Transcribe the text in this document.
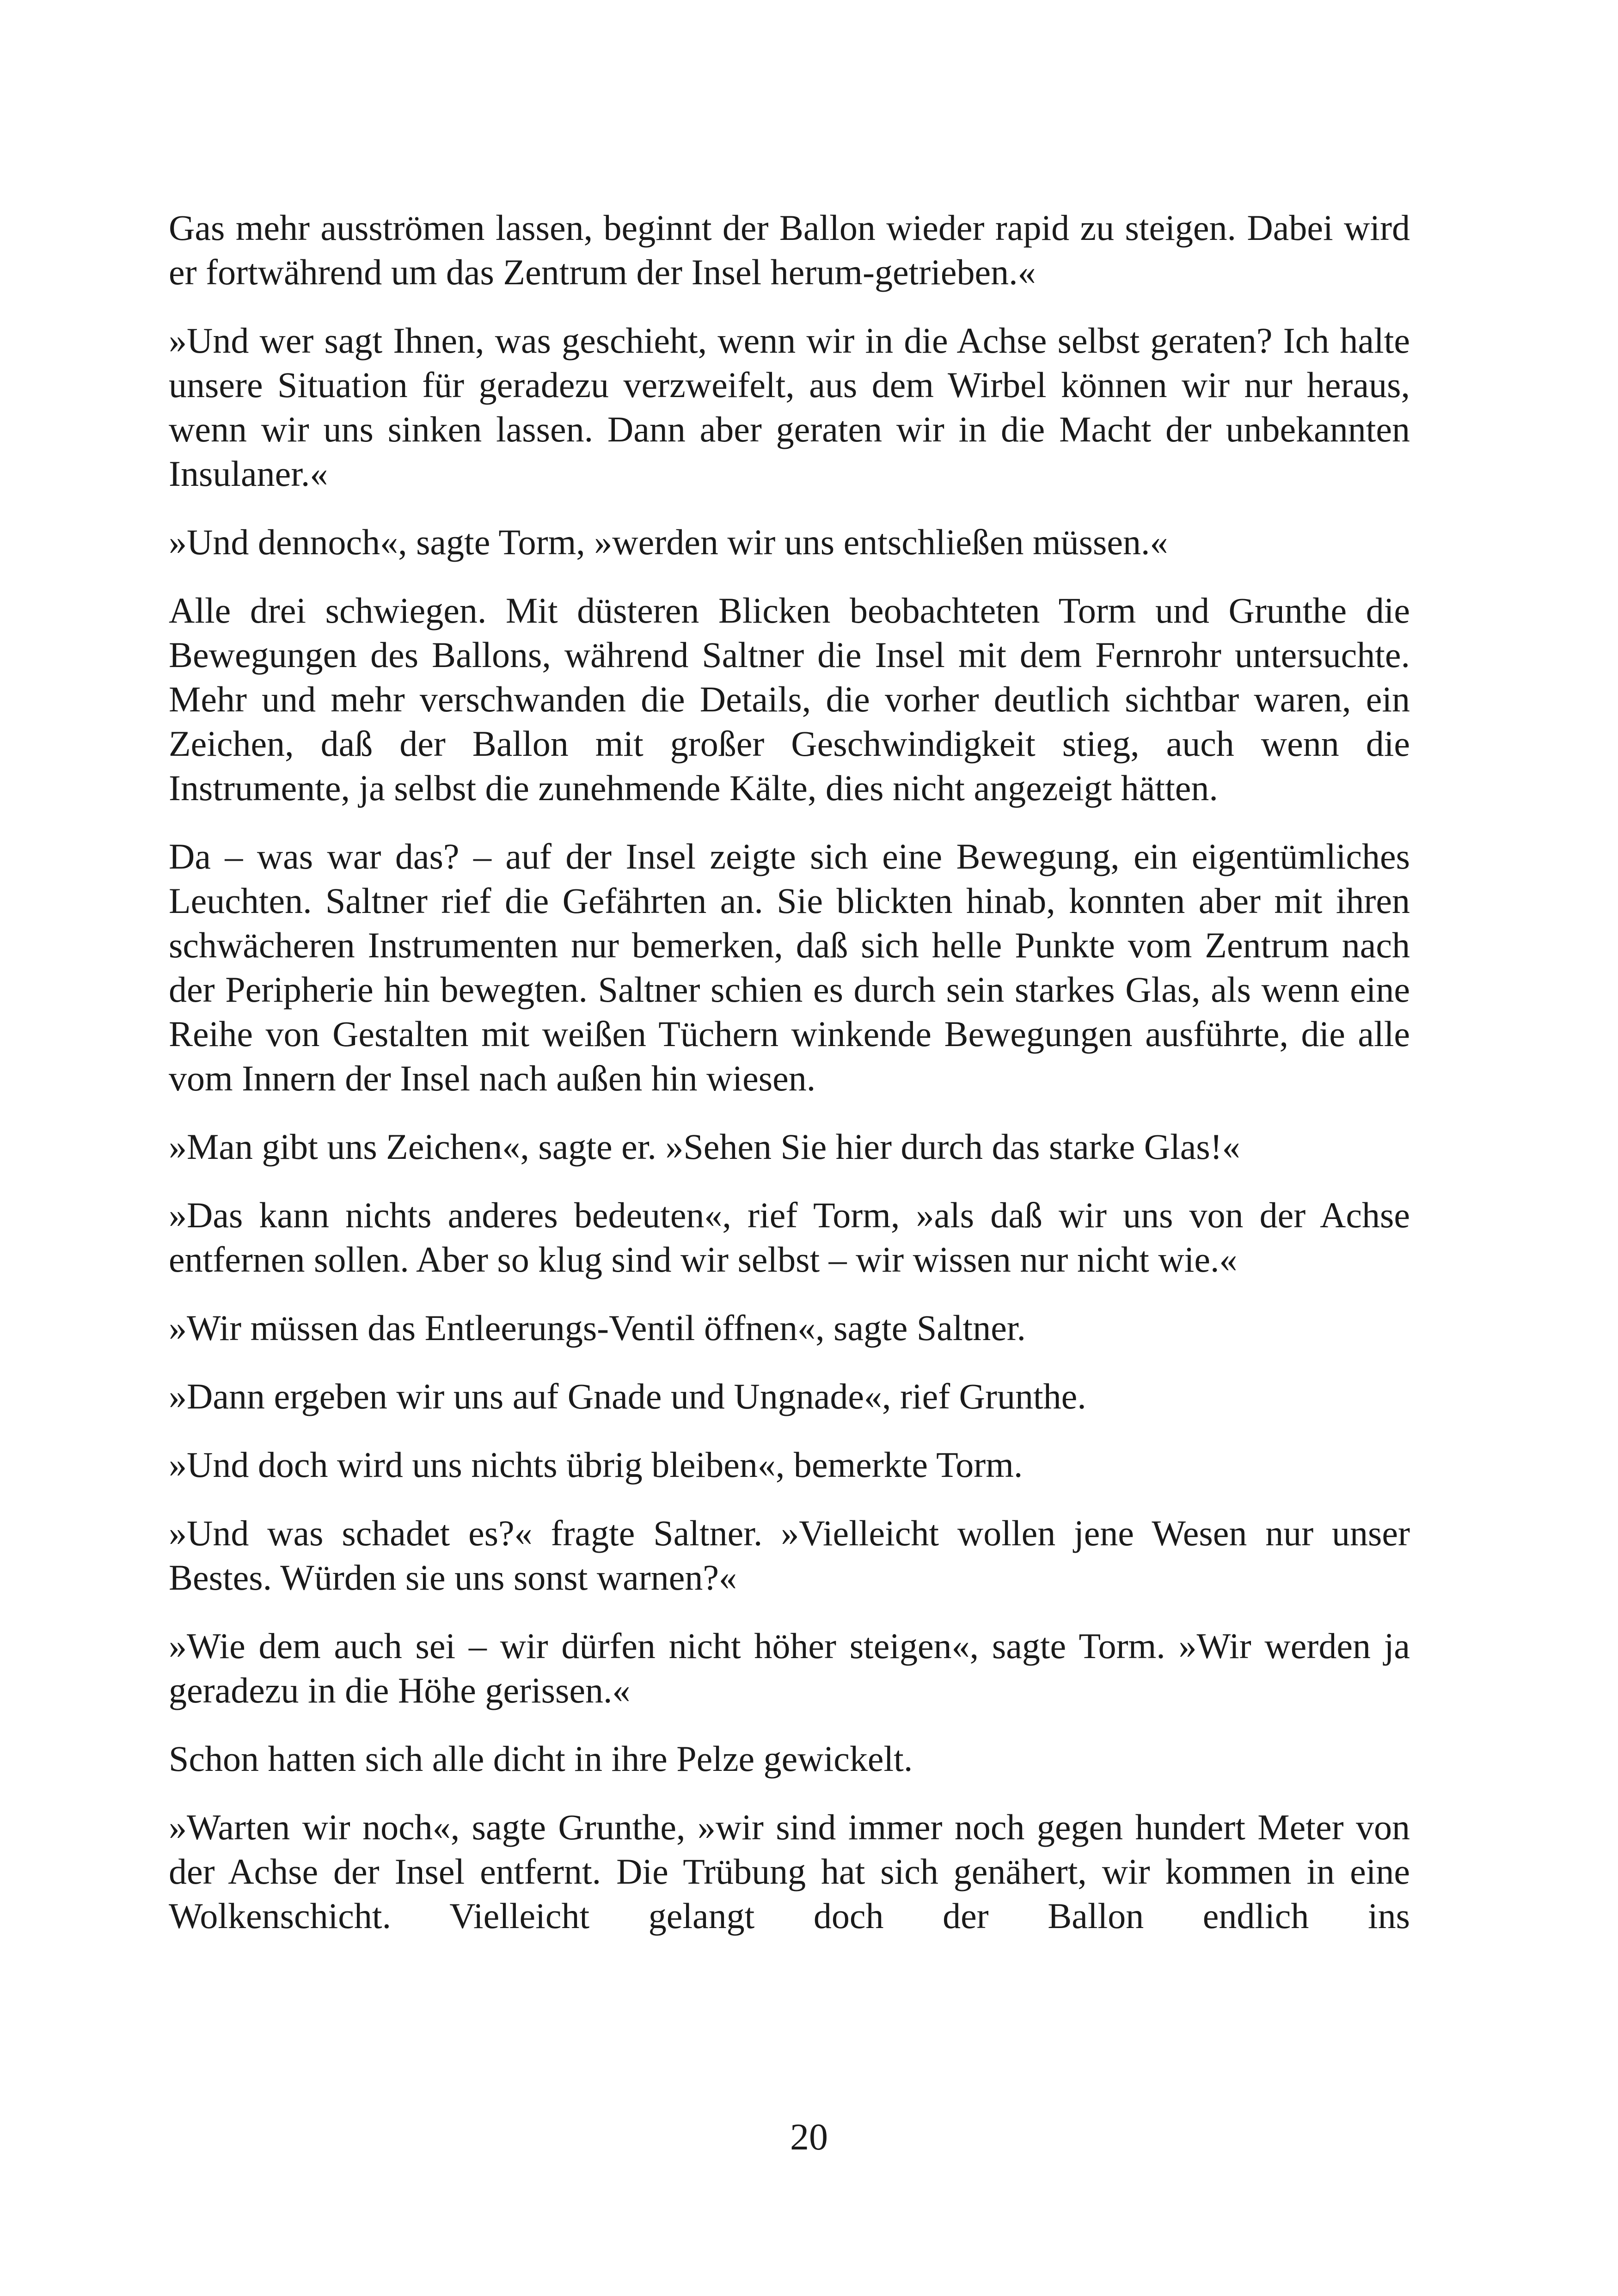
Gas mehr ausströmen lassen, beginnt der Ballon wieder rapid zu steigen. Dabei wird er fortwährend um das Zentrum der Insel herum-getrieben.«

»Und wer sagt Ihnen, was geschieht, wenn wir in die Achse selbst geraten? Ich halte unsere Situation für geradezu verzweifelt, aus dem Wirbel können wir nur heraus, wenn wir uns sinken lassen. Dann aber geraten wir in die Macht der unbekannten Insulaner.«

»Und dennoch«, sagte Torm, »werden wir uns entschließen müssen.«

Alle drei schwiegen. Mit düsteren Blicken beobachteten Torm und Grunthe die Bewegungen des Ballons, während Saltner die Insel mit dem Fernrohr untersuchte. Mehr und mehr verschwanden die Details, die vorher deutlich sichtbar waren, ein Zeichen, daß der Ballon mit großer Geschwindigkeit stieg, auch wenn die Instrumente, ja selbst die zunehmende Kälte, dies nicht angezeigt hätten.

Da – was war das? – auf der Insel zeigte sich eine Bewegung, ein eigentümliches Leuchten. Saltner rief die Gefährten an. Sie blickten hinab, konnten aber mit ihren schwächeren Instrumenten nur bemerken, daß sich helle Punkte vom Zentrum nach der Peripherie hin bewegten. Saltner schien es durch sein starkes Glas, als wenn eine Reihe von Gestalten mit weißen Tüchern winkende Bewegungen ausführte, die alle vom Innern der Insel nach außen hin wiesen.

»Man gibt uns Zeichen«, sagte er. »Sehen Sie hier durch das starke Glas!«

»Das kann nichts anderes bedeuten«, rief Torm, »als daß wir uns von der Achse entfernen sollen. Aber so klug sind wir selbst – wir wissen nur nicht wie.«

»Wir müssen das Entleerungs-Ventil öffnen«, sagte Saltner.

»Dann ergeben wir uns auf Gnade und Ungnade«, rief Grunthe.

»Und doch wird uns nichts übrig bleiben«, bemerkte Torm.

»Und was schadet es?« fragte Saltner. »Vielleicht wollen jene Wesen nur unser Bestes. Würden sie uns sonst warnen?«

»Wie dem auch sei – wir dürfen nicht höher steigen«, sagte Torm. »Wir werden ja geradezu in die Höhe gerissen.«

Schon hatten sich alle dicht in ihre Pelze gewickelt.

»Warten wir noch«, sagte Grunthe, »wir sind immer noch gegen hundert Meter von der Achse der Insel entfernt. Die Trübung hat sich genähert, wir kommen in eine Wolkenschicht. Vielleicht gelangt doch der Ballon endlich ins

20
